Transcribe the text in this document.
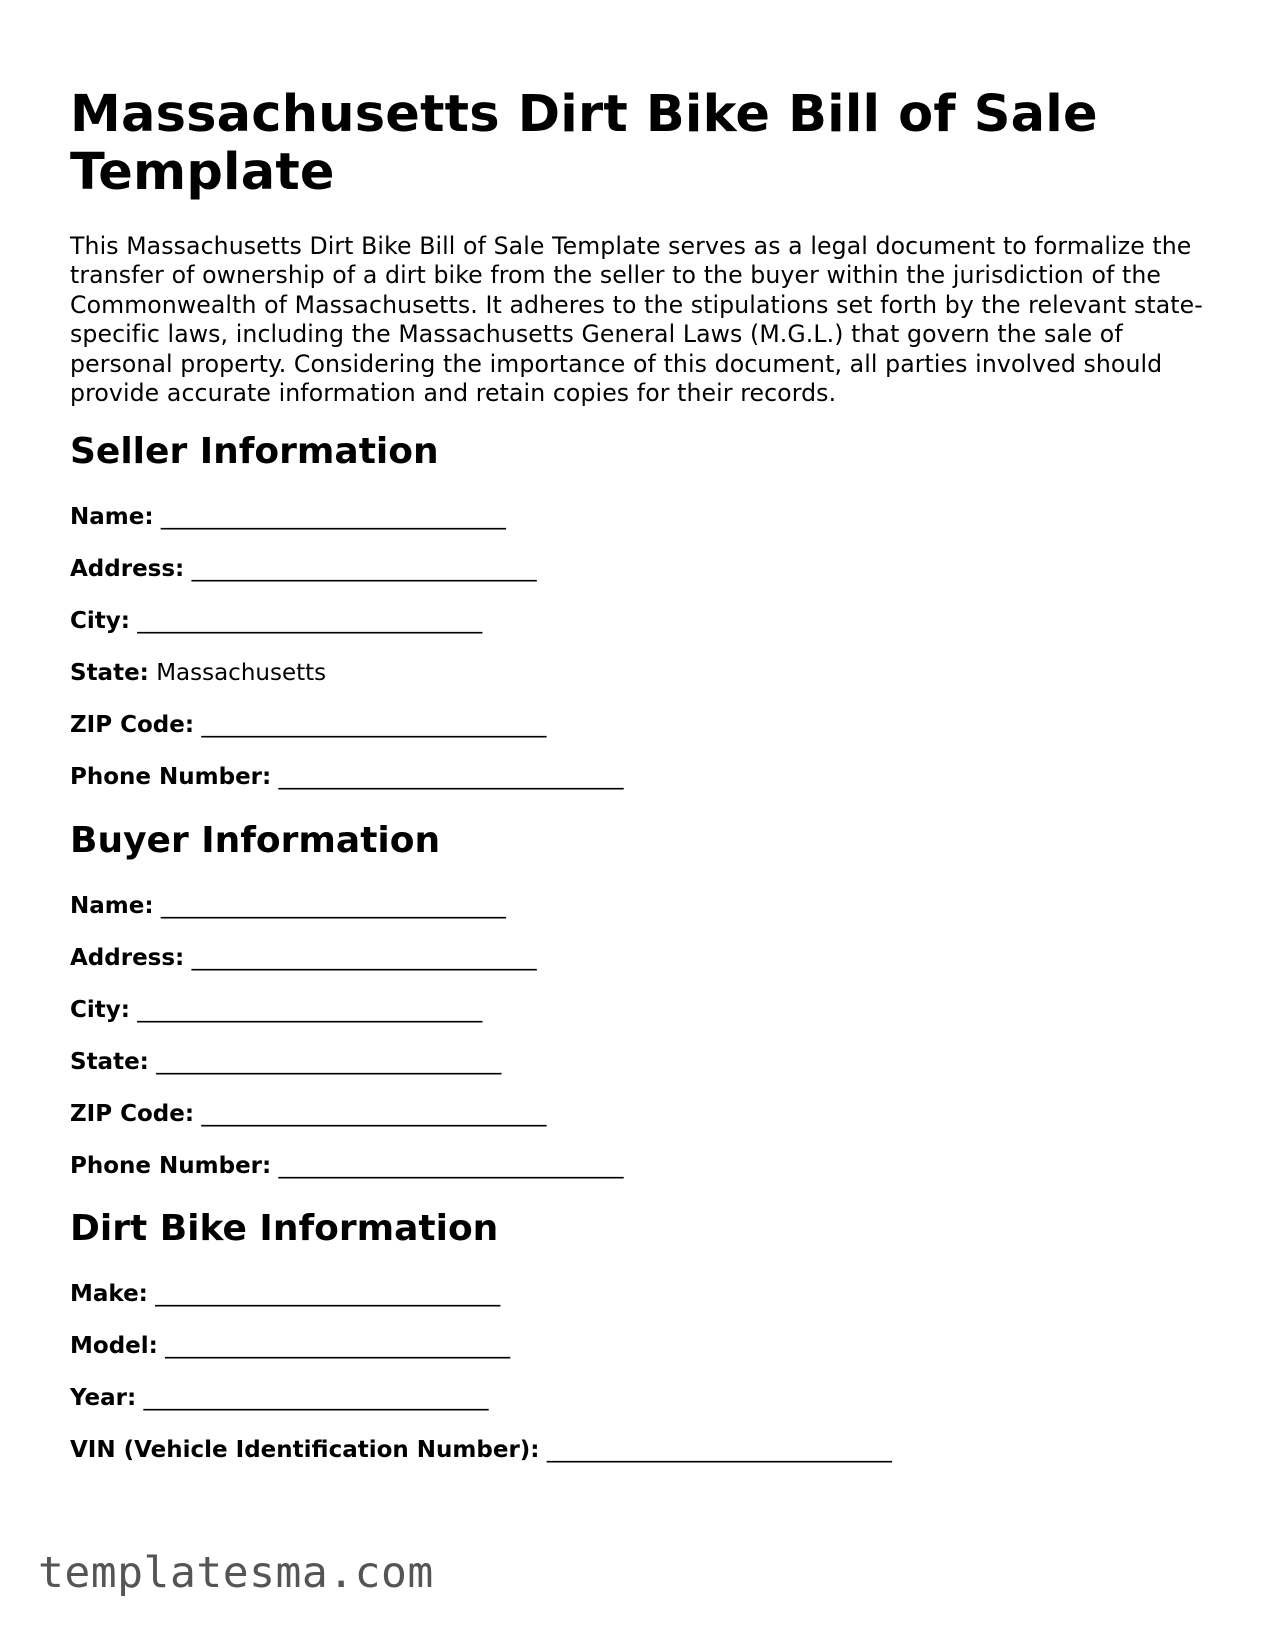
Massachusetts Dirt Bike Bill of Sale Template

This Massachusetts Dirt Bike Bill of Sale Template serves as a legal document to formalize the transfer of ownership of a dirt bike from the seller to the buyer within the jurisdiction of the Commonwealth of Massachusetts. It adheres to the stipulations set forth by the relevant state-specific laws, including the Massachusetts General Laws (M.G.L.) that govern the sale of personal property. Considering the importance of this document, all parties involved should provide accurate information and retain copies for their records.

Seller Information
Name: ______________________________
Address: ______________________________
City: ______________________________
State: Massachusetts
ZIP Code: ______________________________
Phone Number: ______________________________
Buyer Information
Name: ______________________________
Address: ______________________________
City: ______________________________
State: ______________________________
ZIP Code: ______________________________
Phone Number: ______________________________
Dirt Bike Information
Make: ______________________________
Model: ______________________________
Year: ______________________________
VIN (Vehicle Identification Number): ______________________________
templatesma.com
